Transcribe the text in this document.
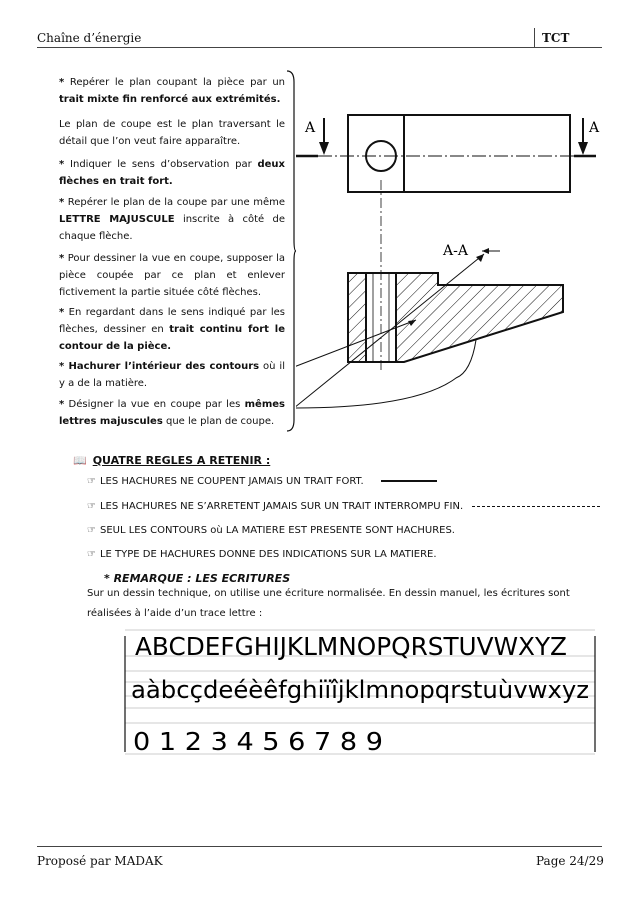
Chaîne d’énergie	TCT
* Repérer le plan coupant la pièce par un trait mixte fin renforcé aux extrémités.
Le plan de coupe est le plan traversant le détail que l’on veut faire apparaître.
* Indiquer le sens d’observation par deux flèches en trait fort.
* Repérer le plan de la coupe par une même LETTRE MAJUSCULE inscrite à côté de chaque flèche.
* Pour dessiner la vue en coupe, supposer la pièce coupée par ce plan et enlever fictivement la partie située côté flèches.
* En regardant dans le sens indiqué par les flèches, dessiner en trait continu fort le contour de la pièce.
* Hachurer l’intérieur des contours où il y a de la matière.
* Désigner la vue en coupe par les mêmes lettres majuscules que le plan de coupe.
A	A
A-A
📖 QUATRE REGLES A RETENIR :
☞ LES HACHURES NE COUPENT JAMAIS UN TRAIT FORT.
☞ LES HACHURES NE S’ARRETENT JAMAIS SUR UN TRAIT INTERROMPU FIN.
☞ SEUL LES CONTOURS où LA MATIERE EST PRESENTE SONT HACHURES.
☞ LE TYPE DE HACHURES DONNE DES INDICATIONS SUR LA MATIERE.
* REMARQUE : LES ECRITURES
Sur un dessin technique, on utilise une écriture normalisée. En dessin manuel, les écritures sont réalisées à l’aide d’un trace lettre :
ABCDEFGHIJKLMNOPQRSTUVWXYZ
aàbcçdeéèêfghiïîjklmnopqrstuùvwxyz
0 1 2 3 4 5 6 7 8 9
Proposé par MADAK	Page 24/29
